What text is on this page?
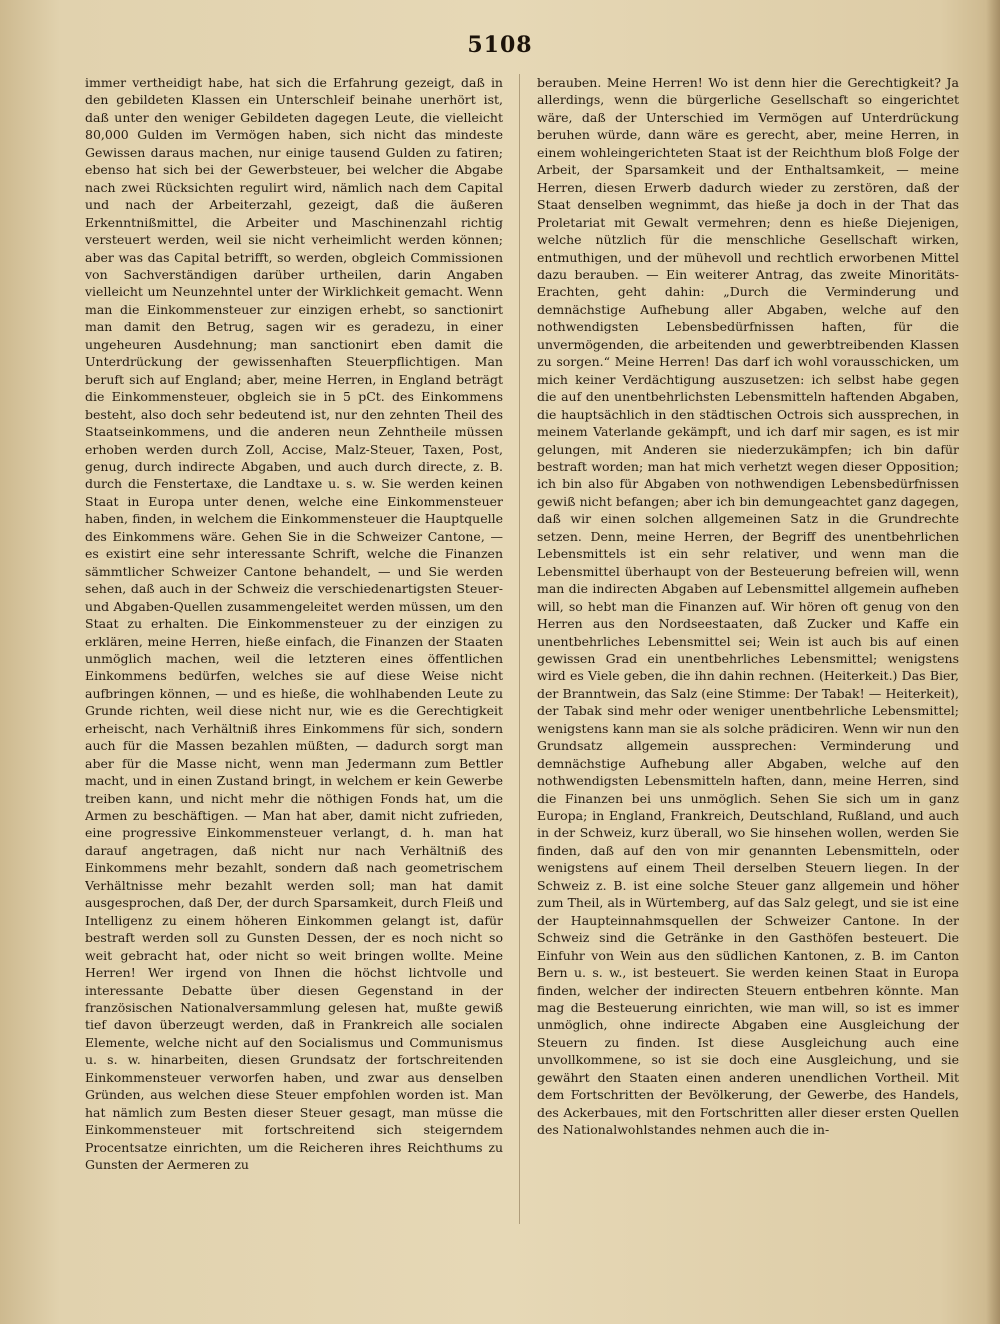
5108

immer vertheidigt habe, hat sich die Erfahrung gezeigt, daß in den gebildeten Klassen ein Unterschleif beinahe unerhört ist, daß unter den weniger Gebildeten dagegen Leute, die vielleicht 80,000 Gulden im Vermögen haben, sich nicht das mindeste Gewissen daraus machen, nur einige tausend Gulden zu fatiren; ebenso hat sich bei der Gewerbsteuer, bei welcher die Abgabe nach zwei Rücksichten regulirt wird, nämlich nach dem Capital und nach der Arbeiterzahl, gezeigt, daß die äußeren Erkenntnißmittel, die Arbeiter und Maschinenzahl richtig versteuert werden, weil sie nicht verheimlicht werden können; aber was das Capital betrifft, so werden, obgleich Commissionen von Sachverständigen darüber urtheilen, darin Angaben vielleicht um Neunzehntel unter der Wirklichkeit gemacht. Wenn man die Einkommensteuer zur einzigen erhebt, so sanctionirt man damit den Betrug, sagen wir es geradezu, in einer ungeheuren Ausdehnung; man sanctionirt eben damit die Unterdrückung der gewissenhaften Steuerpflichtigen. Man beruft sich auf England; aber, meine Herren, in England beträgt die Einkommensteuer, obgleich sie in 5 pCt. des Einkommens besteht, also doch sehr bedeutend ist, nur den zehnten Theil des Staatseinkommens, und die anderen neun Zehntheile müssen erhoben werden durch Zoll, Accise, Malz-Steuer, Taxen, Post, genug, durch indirecte Abgaben, und auch durch directe, z. B. durch die Fenstertaxe, die Landtaxe u. s. w. Sie werden keinen Staat in Europa unter denen, welche eine Einkommensteuer haben, finden, in welchem die Einkommensteuer die Hauptquelle des Einkommens wäre. Gehen Sie in die Schweizer Cantone, — es existirt eine sehr interessante Schrift, welche die Finanzen sämmtlicher Schweizer Cantone behandelt, — und Sie werden sehen, daß auch in der Schweiz die verschiedenartigsten Steuer- und Abgaben-Quellen zusammengeleitet werden müssen, um den Staat zu erhalten. Die Einkommensteuer zu der einzigen zu erklären, meine Herren, hieße einfach, die Finanzen der Staaten unmöglich machen, weil die letzteren eines öffentlichen Einkommens bedürfen, welches sie auf diese Weise nicht aufbringen können, — und es hieße, die wohlhabenden Leute zu Grunde richten, weil diese nicht nur, wie es die Gerechtigkeit erheischt, nach Verhältniß ihres Einkommens für sich, sondern auch für die Massen bezahlen müßten, — dadurch sorgt man aber für die Masse nicht, wenn man Jedermann zum Bettler macht, und in einen Zustand bringt, in welchem er kein Gewerbe treiben kann, und nicht mehr die nöthigen Fonds hat, um die Armen zu beschäftigen. — Man hat aber, damit nicht zufrieden, eine progressive Einkommensteuer verlangt, d. h. man hat darauf angetragen, daß nicht nur nach Verhältniß des Einkommens mehr bezahlt, sondern daß nach geometrischem Verhältnisse mehr bezahlt werden soll; man hat damit ausgesprochen, daß Der, der durch Sparsamkeit, durch Fleiß und Intelligenz zu einem höheren Einkommen gelangt ist, dafür bestraft werden soll zu Gunsten Dessen, der es noch nicht so weit gebracht hat, oder nicht so weit bringen wollte. Meine Herren! Wer irgend von Ihnen die höchst lichtvolle und interessante Debatte über diesen Gegenstand in der französischen Nationalversammlung gelesen hat, mußte gewiß tief davon überzeugt werden, daß in Frankreich alle socialen Elemente, welche nicht auf den Socialismus und Communismus u. s. w. hinarbeiten, diesen Grundsatz der fortschreitenden Einkommensteuer verworfen haben, und zwar aus denselben Gründen, aus welchen diese Steuer empfohlen worden ist. Man hat nämlich zum Besten dieser Steuer gesagt, man müsse die Einkommensteuer mit fortschreitend sich steigerndem Procentsatze einrichten, um die Reicheren ihres Reichthums zu Gunsten der Aermeren zu

berauben. Meine Herren! Wo ist denn hier die Gerechtigkeit? Ja allerdings, wenn die bürgerliche Gesellschaft so eingerichtet wäre, daß der Unterschied im Vermögen auf Unterdrückung beruhen würde, dann wäre es gerecht, aber, meine Herren, in einem wohleingerichteten Staat ist der Reichthum bloß Folge der Arbeit, der Sparsamkeit und der Enthaltsamkeit, — meine Herren, diesen Erwerb dadurch wieder zu zerstören, daß der Staat denselben wegnimmt, das hieße ja doch in der That das Proletariat mit Gewalt vermehren; denn es hieße Diejenigen, welche nützlich für die menschliche Gesellschaft wirken, entmuthigen, und der mühevoll und rechtlich erworbenen Mittel dazu berauben. — Ein weiterer Antrag, das zweite Minoritäts-Erachten, geht dahin: „Durch die Verminderung und demnächstige Aufhebung aller Abgaben, welche auf den nothwendigsten Lebensbedürfnissen haften, für die unvermögenden, die arbeitenden und gewerbtreibenden Klassen zu sorgen.“ Meine Herren! Das darf ich wohl vorausschicken, um mich keiner Verdächtigung auszusetzen: ich selbst habe gegen die auf den unentbehrlichsten Lebensmitteln haftenden Abgaben, die hauptsächlich in den städtischen Octrois sich aussprechen, in meinem Vaterlande gekämpft, und ich darf mir sagen, es ist mir gelungen, mit Anderen sie niederzukämpfen; ich bin dafür bestraft worden; man hat mich verhetzt wegen dieser Opposition; ich bin also für Abgaben von nothwendigen Lebensbedürfnissen gewiß nicht befangen; aber ich bin demungeachtet ganz dagegen, daß wir einen solchen allgemeinen Satz in die Grundrechte setzen. Denn, meine Herren, der Begriff des unentbehrlichen Lebensmittels ist ein sehr relativer, und wenn man die Lebensmittel überhaupt von der Besteuerung befreien will, wenn man die indirecten Abgaben auf Lebensmittel allgemein aufheben will, so hebt man die Finanzen auf. Wir hören oft genug von den Herren aus den Nordseestaaten, daß Zucker und Kaffe ein unentbehrliches Lebensmittel sei; Wein ist auch bis auf einen gewissen Grad ein unentbehrliches Lebensmittel; wenigstens wird es Viele geben, die ihn dahin rechnen. (Heiterkeit.) Das Bier, der Branntwein, das Salz (eine Stimme: Der Tabak! — Heiterkeit), der Tabak sind mehr oder weniger unentbehrliche Lebensmittel; wenigstens kann man sie als solche prädiciren. Wenn wir nun den Grundsatz allgemein aussprechen: Verminderung und demnächstige Aufhebung aller Abgaben, welche auf den nothwendigsten Lebensmitteln haften, dann, meine Herren, sind die Finanzen bei uns unmöglich. Sehen Sie sich um in ganz Europa; in England, Frankreich, Deutschland, Rußland, und auch in der Schweiz, kurz überall, wo Sie hinsehen wollen, werden Sie finden, daß auf den von mir genannten Lebensmitteln, oder wenigstens auf einem Theil derselben Steuern liegen. In der Schweiz z. B. ist eine solche Steuer ganz allgemein und höher zum Theil, als in Würtemberg, auf das Salz gelegt, und sie ist eine der Haupteinnahmsquellen der Schweizer Cantone. In der Schweiz sind die Getränke in den Gasthöfen besteuert. Die Einfuhr von Wein aus den südlichen Kantonen, z. B. im Canton Bern u. s. w., ist besteuert. Sie werden keinen Staat in Europa finden, welcher der indirecten Steuern entbehren könnte. Man mag die Besteuerung einrichten, wie man will, so ist es immer unmöglich, ohne indirecte Abgaben eine Ausgleichung der Steuern zu finden. Ist diese Ausgleichung auch eine unvollkommene, so ist sie doch eine Ausgleichung, und sie gewährt den Staaten einen anderen unendlichen Vortheil. Mit dem Fortschritten der Bevölkerung, der Gewerbe, des Handels, des Ackerbaues, mit den Fortschritten aller dieser ersten Quellen des Nationalwohlstandes nehmen auch die in-
